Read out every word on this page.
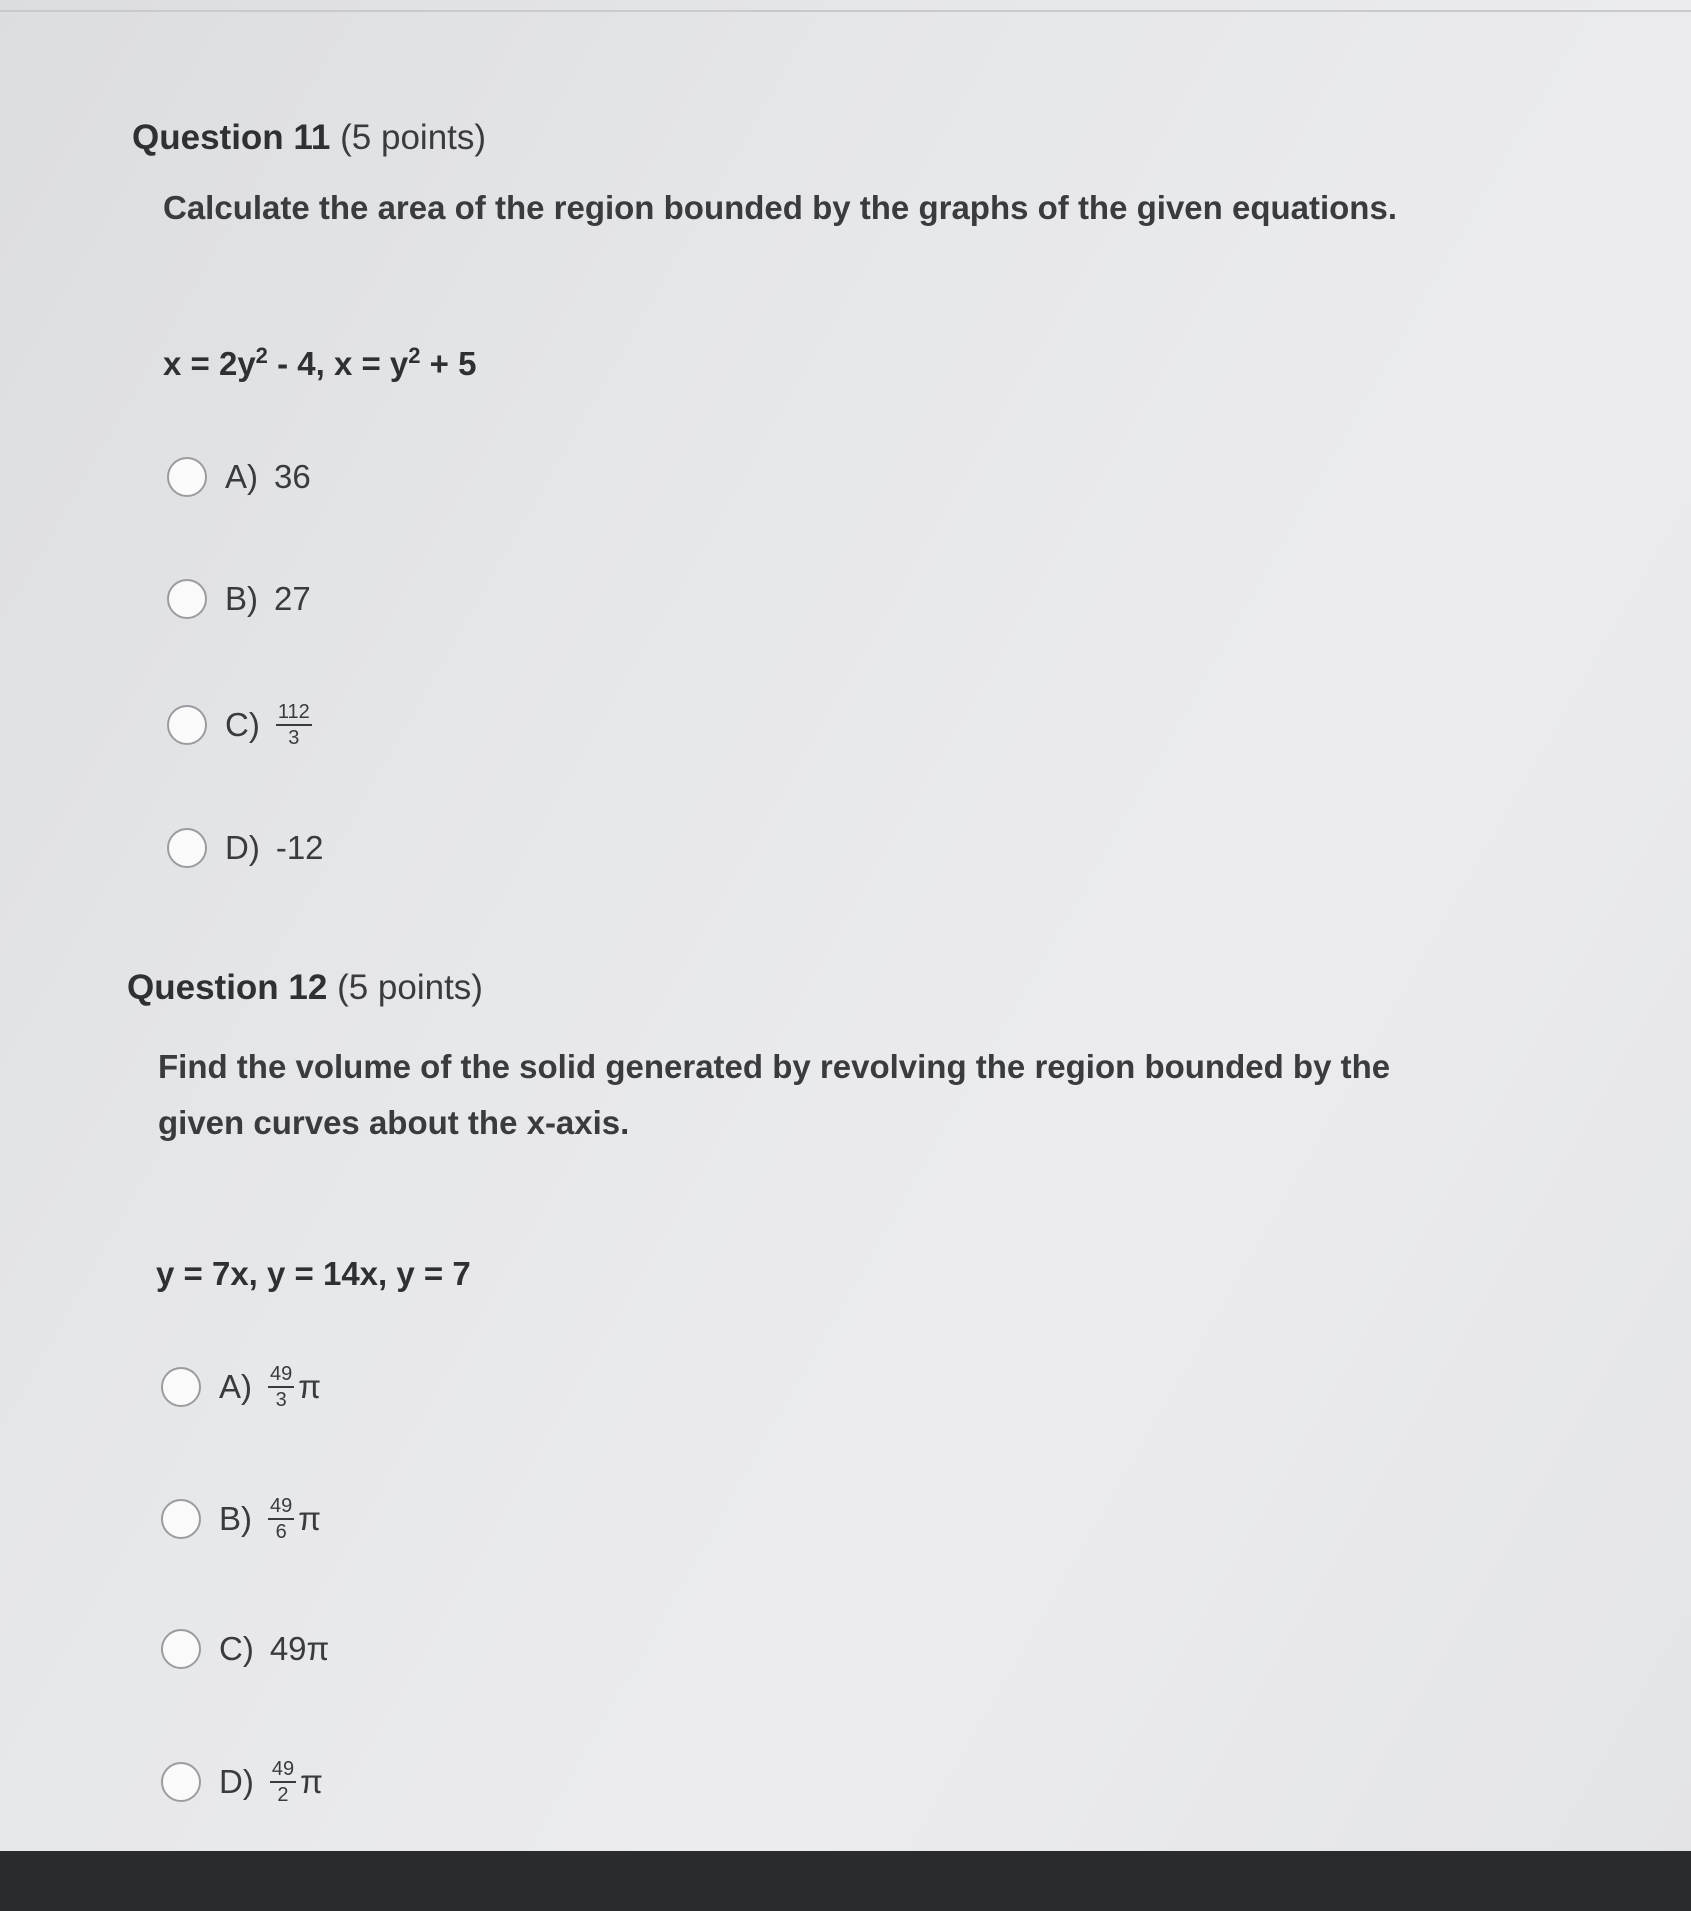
Question 11 (5 points)

Calculate the area of the region bounded by the graphs of the given equations.

$x = 2y^2 - 4$, $x = y^2 + 5$

A) 36
B) 27
$C) \frac{112}{3}$
D) -12
Question 12 (5 points)

Find the volume of the solid generated by revolving the region bounded by the

given curves about the x-axis.

y = 7x, y = 14x, y = 7

$A) \frac{49}{3}$ π
$B) \frac{49}{6}$ π
C) 49π
$D) \frac{49}{2}$ π
